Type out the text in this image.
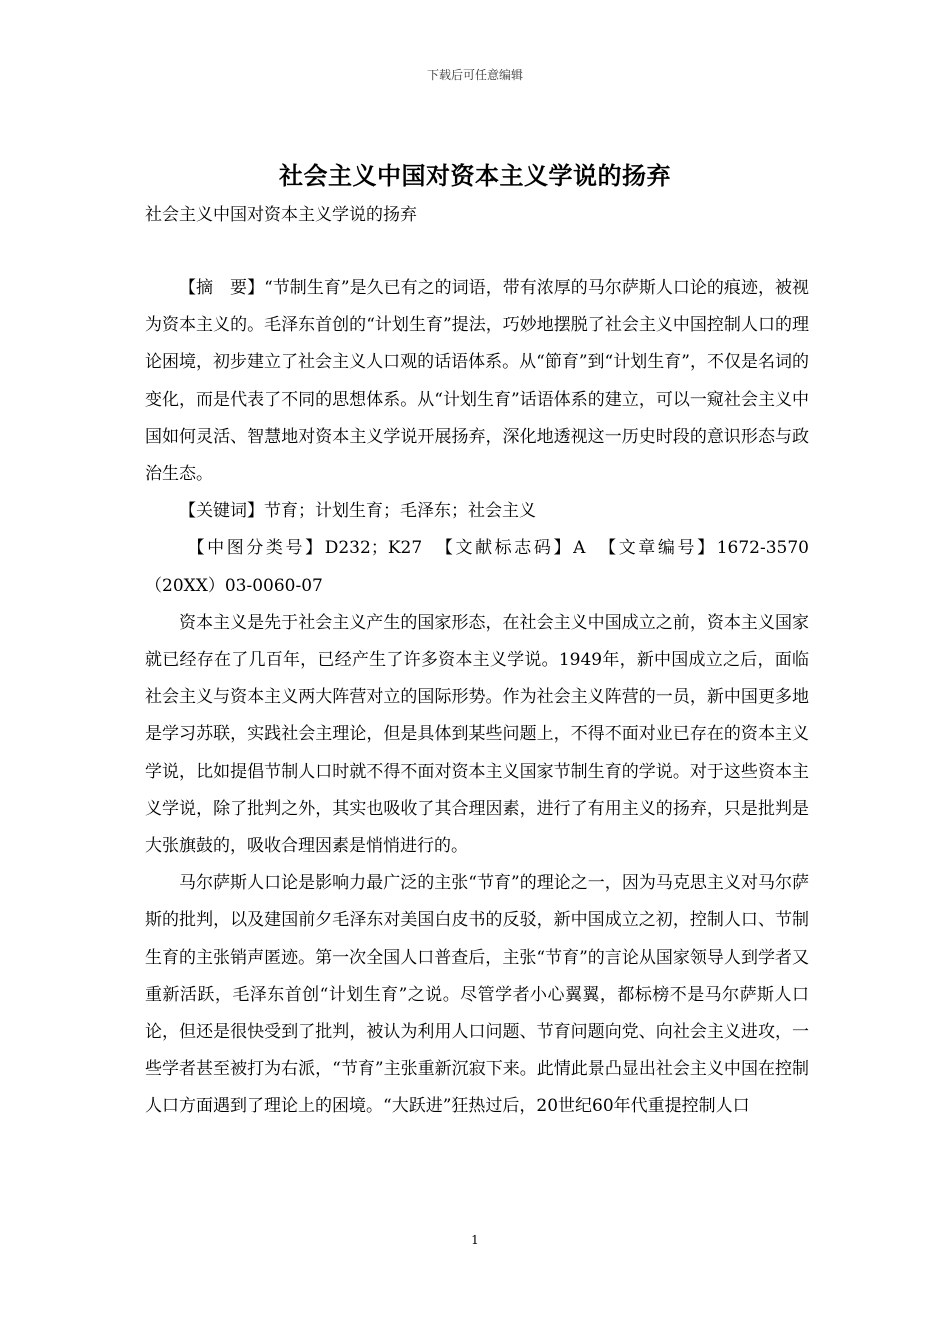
下载后可任意编辑
社会主义中国对资本主义学说的扬弃
社会主义中国对资本主义学说的扬弃

【摘　要】“节制生育”是久已有之的词语，带有浓厚的马尔萨斯人口论的痕迹，被视为资本主义的。毛泽东首创的“计划生育”提法，巧妙地摆脱了社会主义中国控制人口的理论困境，初步建立了社会主义人口观的话语体系。从“節育”到“计划生育”，不仅是名词的变化，而是代表了不同的思想体系。从“计划生育”话语体系的建立，可以一窥社会主义中国如何灵活、智慧地对资本主义学说开展扬弃，深化地透视这一历史时段的意识形态与政治生态。

【关键词】节育；计划生育；毛泽东；社会主义

【中图分类号】D232；K27　【文献标志码】A　【文章编号】1672-3570（20XX）03-0060-07

资本主义是先于社会主义产生的国家形态，在社会主义中国成立之前，资本主义国家就已经存在了几百年，已经产生了许多资本主义学说。1949年，新中国成立之后，面临社会主义与资本主义两大阵营对立的国际形势。作为社会主义阵营的一员，新中国更多地是学习苏联，实践社会主理论，但是具体到某些问题上，不得不面对业已存在的资本主义学说，比如提倡节制人口时就不得不面对资本主义国家节制生育的学说。对于这些资本主义学说，除了批判之外，其实也吸收了其合理因素，进行了有用主义的扬弃，只是批判是大张旗鼓的，吸收合理因素是悄悄进行的。

马尔萨斯人口论是影响力最广泛的主张“节育”的理论之一，因为马克思主义对马尔萨斯的批判，以及建国前夕毛泽东对美国白皮书的反驳，新中国成立之初，控制人口、节制生育的主张销声匿迹。第一次全国人口普查后，主张“节育”的言论从国家领导人到学者又重新活跃，毛泽东首创“计划生育”之说。尽管学者小心翼翼，都标榜不是马尔萨斯人口论，但还是很快受到了批判，被认为利用人口问题、节育问题向党、向社会主义进攻，一些学者甚至被打为右派，“节育”主张重新沉寂下来。此情此景凸显出社会主义中国在控制人口方面遇到了理论上的困境。“大跃进”狂热过后，20世纪60年代重提控制人口

1
